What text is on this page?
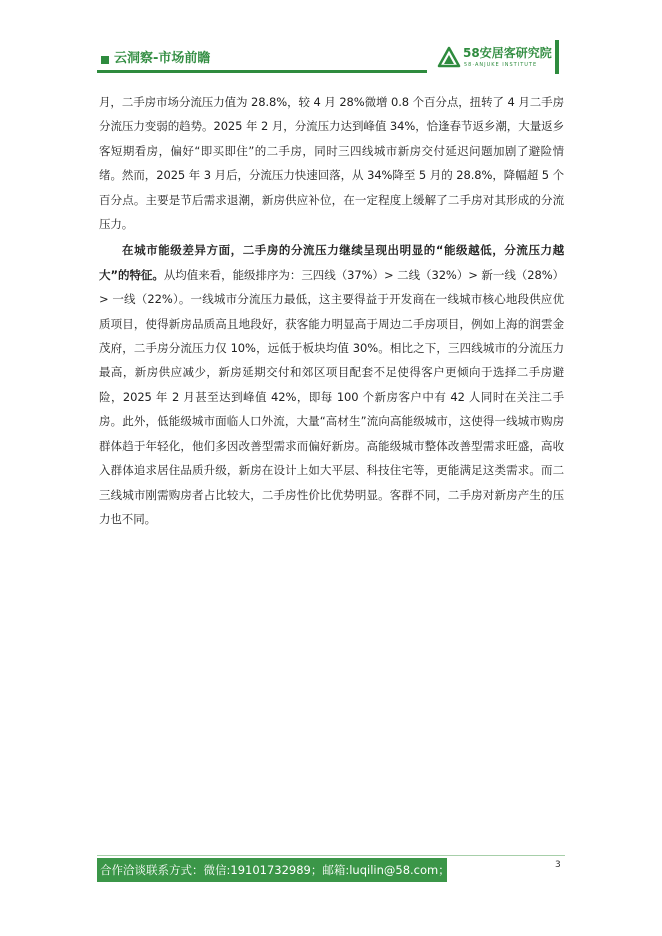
云洞察-市场前瞻	58安居客研究院
58·ANJUKE INSTITUTE

月，二手房市场分流压力值为 28.8%，较 4 月 28%微增 0.8 个百分点，扭转了 4 月二手房分流压力变弱的趋势。2025 年 2 月，分流压力达到峰值 34%，恰逢春节返乡潮，大量返乡客短期看房，偏好“即买即住”的二手房，同时三四线城市新房交付延迟问题加剧了避险情绪。然而，2025 年 3 月后，分流压力快速回落，从 34%降至 5 月的 28.8%，降幅超 5 个百分点。主要是节后需求退潮，新房供应补位，在一定程度上缓解了二手房对其形成的分流压力。

在城市能级差异方面，二手房的分流压力继续呈现出明显的“能级越低，分流压力越大”的特征。从均值来看，能级排序为：三四线（37%）> 二线（32%）> 新一线（28%）> 一线（22%）。一线城市分流压力最低，这主要得益于开发商在一线城市核心地段供应优质项目，使得新房品质高且地段好，获客能力明显高于周边二手房项目，例如上海的润雲金茂府，二手房分流压力仅 10%，远低于板块均值 30%。相比之下，三四线城市的分流压力最高，新房供应减少，新房延期交付和郊区项目配套不足使得客户更倾向于选择二手房避险，2025 年 2 月甚至达到峰值 42%，即每 100 个新房客户中有 42 人同时在关注二手房。此外，低能级城市面临人口外流，大量“高材生”流向高能级城市，这使得一线城市购房群体趋于年轻化，他们多因改善型需求而偏好新房。高能级城市整体改善型需求旺盛，高收入群体追求居住品质升级，新房在设计上如大平层、科技住宅等，更能满足这类需求。而二三线城市刚需购房者占比较大，二手房性价比优势明显。客群不同，二手房对新房产生的压力也不同。

合作洽谈联系方式：微信:19101732989；邮箱:luqilin@58.com；	3
